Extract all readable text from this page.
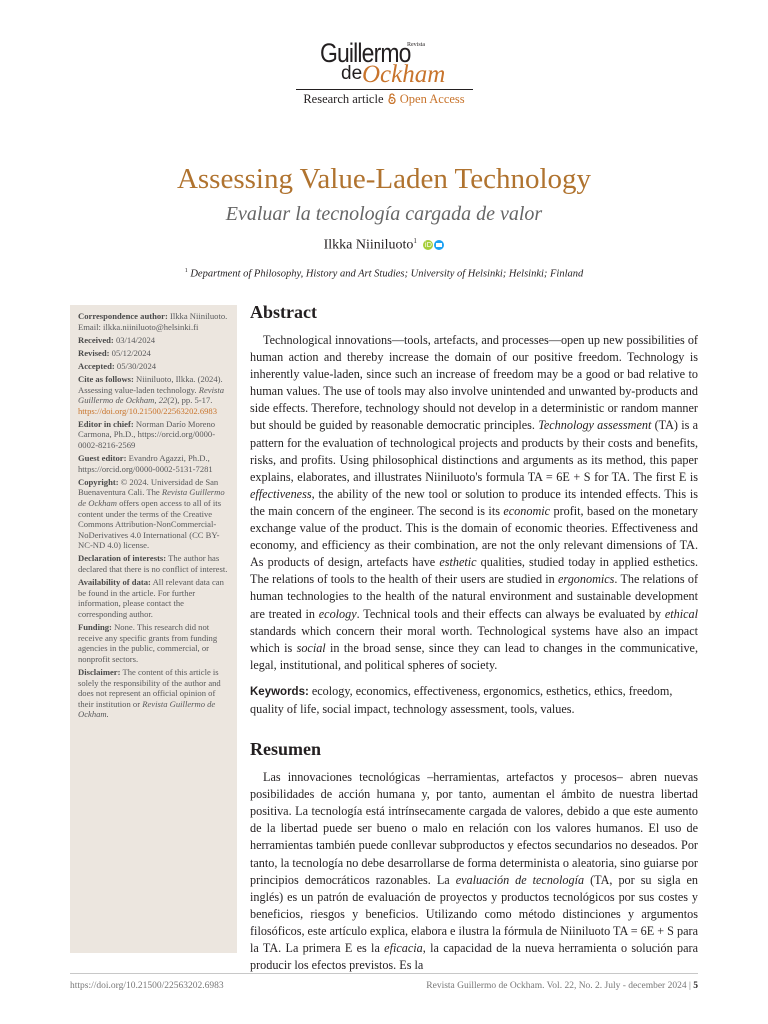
Guillermo
Revista
de Ockham
Research article Open Access
Assessing Value-Laden Technology
Evaluar la tecnología cargada de valor
Ilkka Niiniluoto$^1$ iD
$^1$ Department of Philosophy, History and Art Studies; University of Helsinki; Helsinki; Finland

Correspondence author: Ilkka Niiniluoto. Email: ilkka.niiniluoto@helsinki.fi

Received: 03/14/2024

Revised: 05/12/2024

Accepted: 05/30/2024

Cite as follows: Niiniluoto, Ilkka. (2024). Assessing value-laden technology. Revista Guillermo de Ockham, 22(2), pp. 5-17. https://doi.org/10.21500/22563202.6983

Editor in chief: Norman Darío Moreno Carmona, Ph.D., https://orcid.org/0000-0002-8216-2569

Guest editor: Evandro Agazzi, Ph.D., https://orcid.org/0000-0002-5131-7281

Copyright: © 2024. Universidad de San Buenaventura Cali. The Revista Guillermo de Ockham offers open access to all of its content under the terms of the Creative Commons Attribution-NonCommercial-NoDerivatives 4.0 International (CC BY-NC-ND 4.0) license.

Declaration of interests: The author has declared that there is no conflict of interest.

Availability of data: All relevant data can be found in the article. For further information, please contact the corresponding author.

Funding: None. This research did not receive any specific grants from funding agencies in the public, commercial, or nonprofit sectors.

Disclaimer: The content of this article is solely the responsibility of the author and does not represent an official opinion of their institution or Revista Guillermo de Ockham.

Abstract

Technological innovations—tools, artefacts, and processes—open up new possibilities of human action and thereby increase the domain of our positive freedom. Technology is inherently value-laden, since such an increase of freedom may be a good or bad relative to human values. The use of tools may also involve unintended and unwanted by-products and side effects. Therefore, technology should not develop in a deterministic or random manner but should be guided by reasonable democratic principles. Technology assessment (TA) is a pattern for the evaluation of technological projects and products by their costs and benefits, risks, and profits. Using philosophical distinctions and arguments as its method, this paper explains, elaborates, and illustrates Niiniluoto's formula TA = 6E + S for TA. The first E is effectiveness, the ability of the new tool or solution to produce its intended effects. This is the main concern of the engineer. The second is its economic profit, based on the monetary exchange value of the product. This is the domain of economic theories. Effectiveness and economy, and efficiency as their combination, are not the only relevant dimensions of TA. As products of design, artefacts have esthetic qualities, studied today in applied esthetics. The relations of tools to the health of their users are studied in ergonomics. The relations of human technologies to the health of the natural environment and sustainable development are treated in ecology. Technical tools and their effects can always be evaluated by ethical standards which concern their moral worth. Technological systems have also an impact which is social in the broad sense, since they can lead to changes in the communicative, legal, institutional, and political spheres of society.

Keywords: ecology, economics, effectiveness, ergonomics, esthetics, ethics, freedom, quality of life, social impact, technology assessment, tools, values.

Resumen

Las innovaciones tecnológicas –herramientas, artefactos y procesos– abren nuevas posibilidades de acción humana y, por tanto, aumentan el ámbito de nuestra libertad positiva. La tecnología está intrínsecamente cargada de valores, debido a que este aumento de la libertad puede ser bueno o malo en relación con los valores humanos. El uso de herramientas también puede conllevar subproductos y efectos secundarios no deseados. Por tanto, la tecnología no debe desarrollarse de forma determinista o aleatoria, sino guiarse por principios democráticos razonables. La evaluación de tecnología (TA, por su sigla en inglés) es un patrón de evaluación de proyectos y productos tecnológicos por sus costes y beneficios, riesgos y beneficios. Utilizando como método distinciones y argumentos filosóficos, este artículo explica, elabora e ilustra la fórmula de Niiniluoto TA = 6E + S para la TA. La primera E es la eficacia, la capacidad de la nueva herramienta o solución para producir los efectos previstos. Es la

https://doi.org/10.21500/22563202.6983	Revista Guillermo de Ockham. Vol. 22, No. 2. July - december 2024 | 5
